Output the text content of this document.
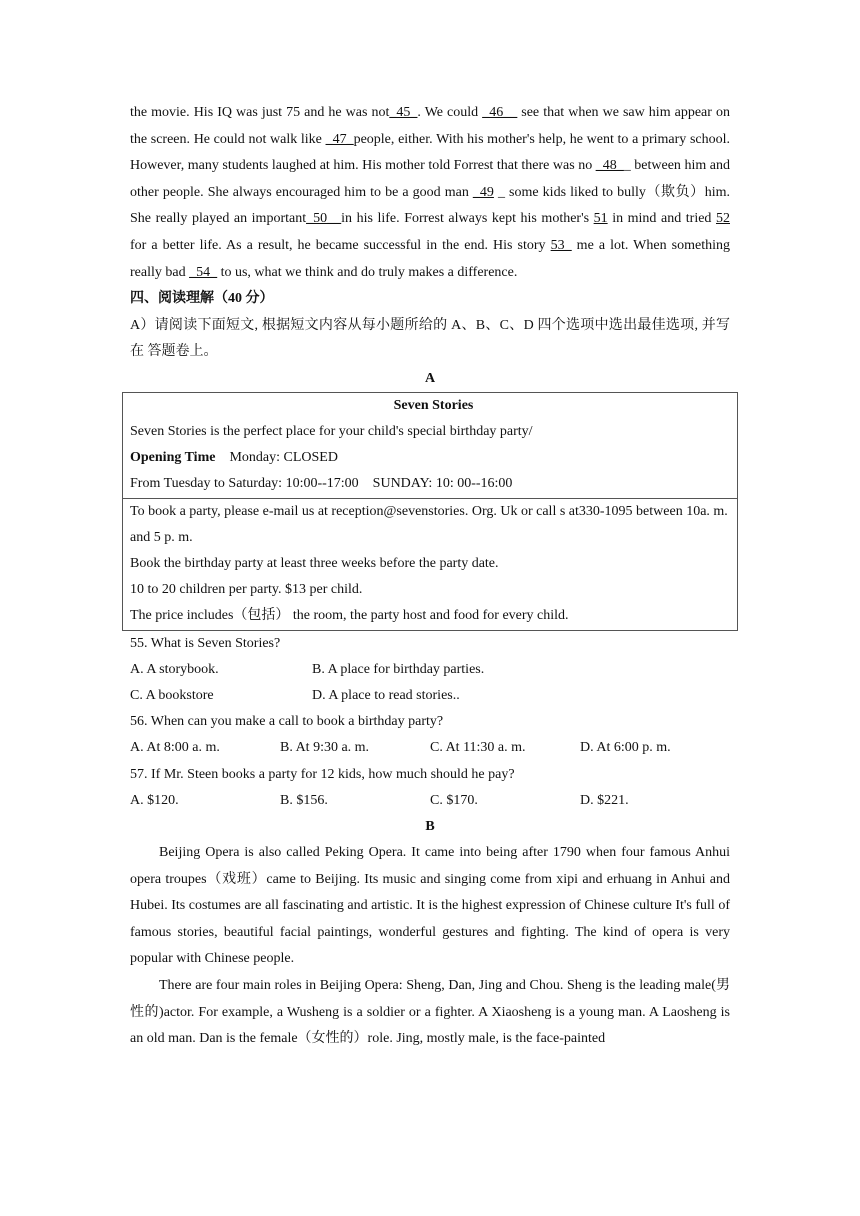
the movie. His IQ was just 75 and he was not_45_. We could _46__ see that when we saw him appear on the screen. He could not walk like _47_people, either. With his mother's help, he went to a primary school. However, many students laughed at him. His mother told Forrest that there was no _48__ between him and other people. She always encouraged him to be a good man _49 _ some kids liked to bully（欺负）him. She really played an important_50__in his life. Forrest always kept his mother's 51 in mind and tried 52 for a better life. As a result, he became successful in the end. His story 53_ me a lot. When something really bad _54_ to us, what we think and do truly makes a difference.

四、阅读理解（40 分）

A）请阅读下面短文, 根据短文内容从每小题所给的 A、B、C、D 四个选项中选出最佳选项, 并写在 答题卷上。

A

Seven Stories

Seven Stories is the perfect place for your child's special birthday party/

Opening Time Monday: CLOSED

From Tuesday to Saturday: 10:00--17:00    SUNDAY: 10: 00--16:00

To book a party, please e-mail us at reception@sevenstories. Org. Uk or call s at330-1095 between 10a. m. and 5 p. m.

Book the birthday party at least three weeks before the party date.

10 to 20 children per party. $13 per child.

The price includes（包括） the room, the party host and food for every child.

55. What is Seven Stories?

A. A storybook.	B. A place for birthday parties.
C. A bookstore	D. A place to read stories..

56. When can you make a call to book a birthday party?

A. At 8:00 a. m.	B. At 9:30 a. m.	C. At 11:30 a. m.	D. At 6:00 p. m.

57. If Mr. Steen books a party for 12 kids, how much should he pay?

A. $120.	B. $156.	C. $170.	D. $221.

B

Beijing Opera is also called Peking Opera. It came into being after 1790 when four famous Anhui opera troupes（戏班）came to Beijing. Its music and singing come from xipi and erhuang in Anhui and Hubei. Its costumes are all fascinating and artistic. It is the highest expression of Chinese culture It's full of famous stories, beautiful facial paintings, wonderful gestures and fighting. The kind of opera is very popular with Chinese people.

There are four main roles in Beijing Opera: Sheng, Dan, Jing and Chou. Sheng is the leading male(男性的)actor. For example, a Wusheng is a soldier or a fighter. A Xiaosheng is a young man. A Laosheng is an old man. Dan is the female（女性的）role. Jing, mostly male, is the face-painted
